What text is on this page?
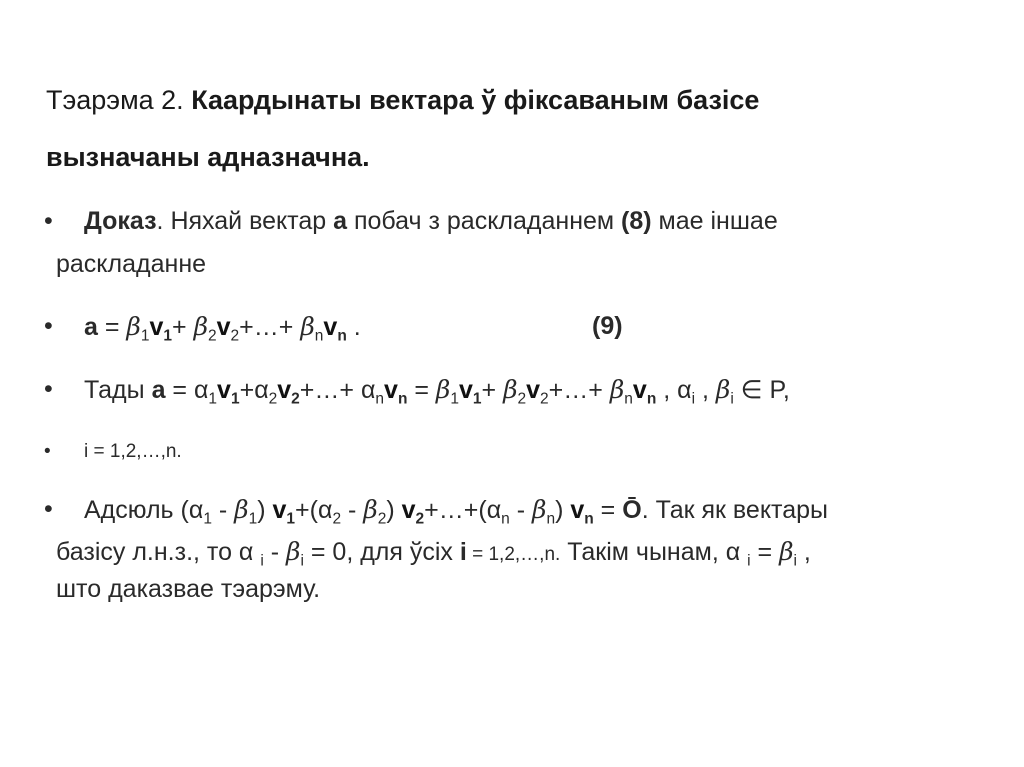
Тэарэма 2. Каардынаты вектара ў фіксаваным базісе
вызначаны адназначна.
• Доказ. Няхай вектар а побач з раскладаннем (8) мае іншае
раскладанне
• $а = \beta_1v_1+$ $\beta_2v_2+\dots+ \beta_nv_n$ .	(9)
• Тады $а = \alpha_1v_1+\alpha_2v_2+\dots+ \alpha_nv_n = \beta_1v_1+$ $\beta_2v_2+\dots+ \beta_nv_n$ , $\alpha_i$ , $\beta_i$ ∈ P,
• i = 1,2,…,n.
• Адсюль $(\alpha_1 - \beta_1)$ $v_1+(\alpha_2 - \beta_2)$ $v_2+\dots+(\alpha_n - \beta_n) v_n$ = Ō. Так як вектары
базісу л.н.з., то α $_i - \beta_i = 0$, для ўсіх i = 1,2,…,n. Такім чынам, α $_i = \beta_i$ ,
што даказвае тэарэму.
